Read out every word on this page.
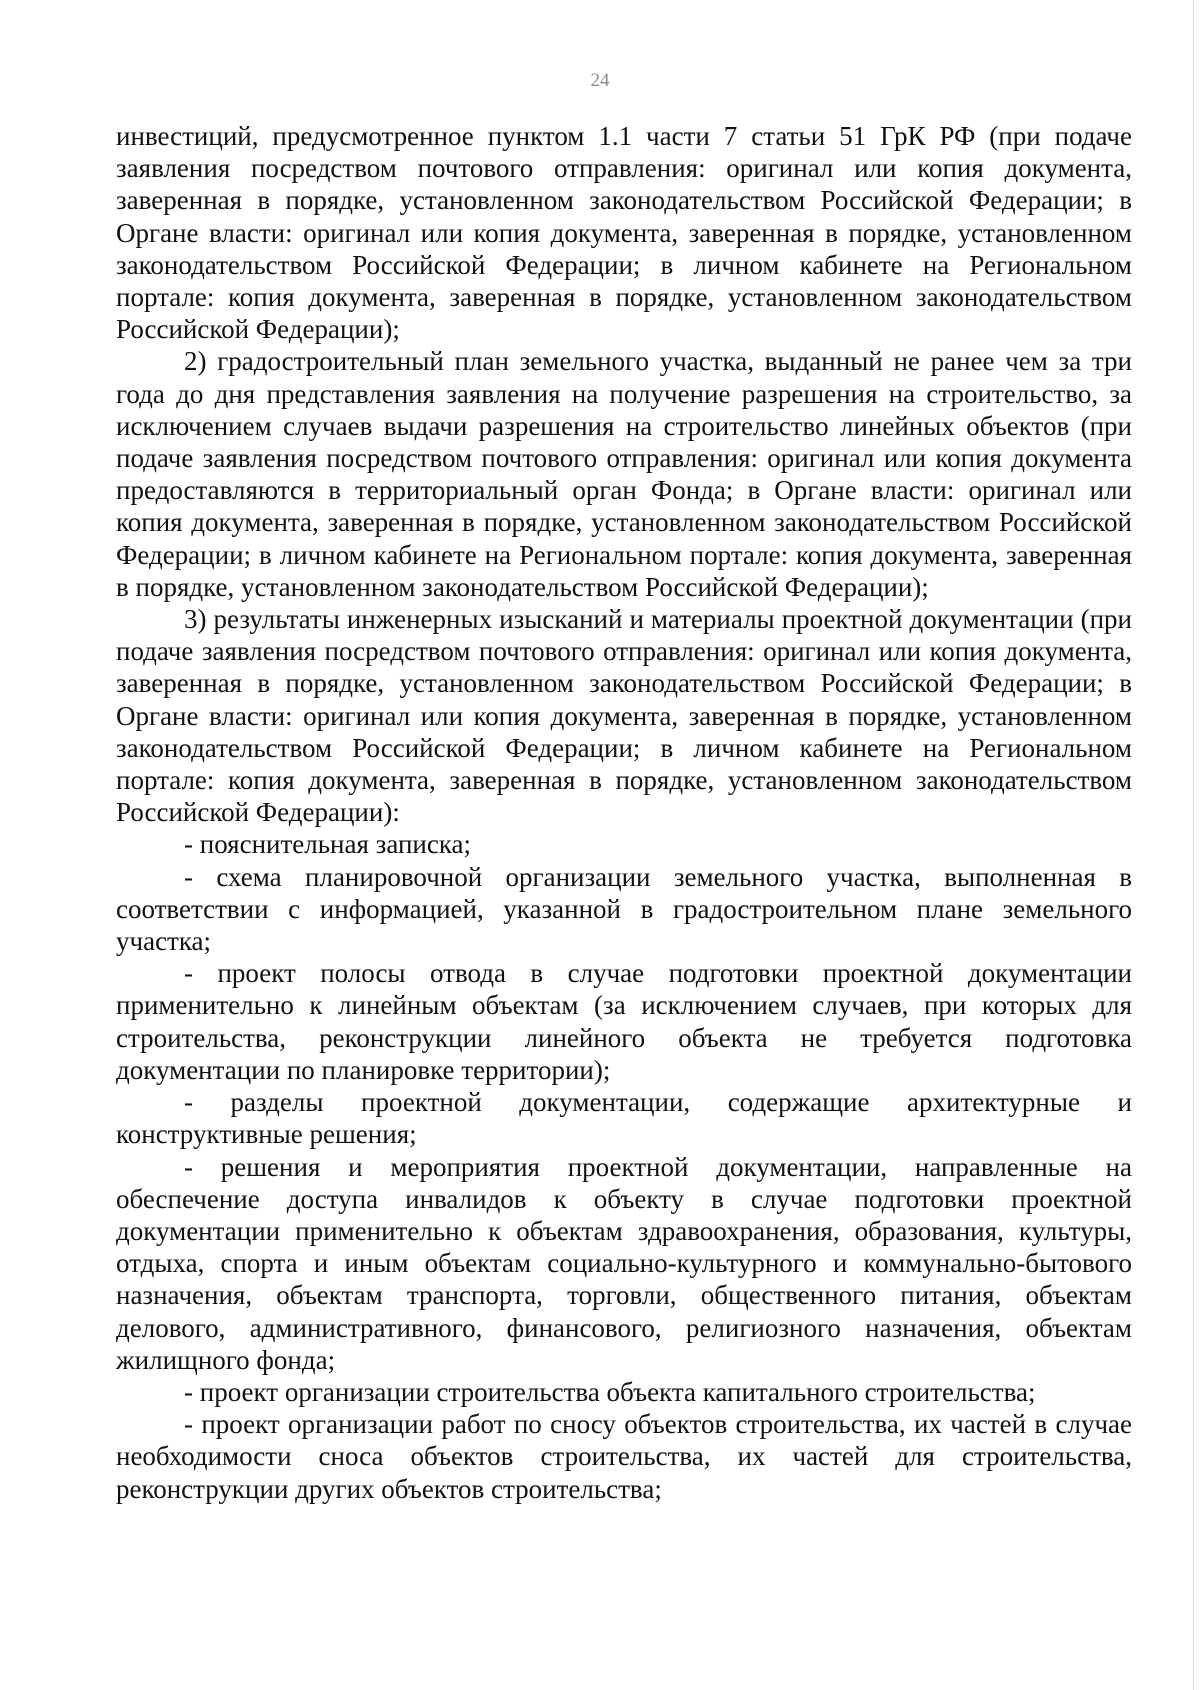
24

инвестиций, предусмотренное пунктом 1.1 части 7 статьи 51 ГрК РФ (при подаче заявления посредством почтового отправления: оригинал или копия документа, заверенная в порядке, установленном законодательством Российской Федерации; в Органе власти: оригинал или копия документа, заверенная в порядке, установленном законодательством Российской Федерации; в личном кабинете на Региональном портале: копия документа, заверенная в порядке, установленном законодательством Российской Федерации);

2) градостроительный план земельного участка, выданный не ранее чем за три года до дня представления заявления на получение разрешения на строительство, за исключением случаев выдачи разрешения на строительство линейных объектов (при подаче заявления посредством почтового отправления: оригинал или копия документа предоставляются в территориальный орган Фонда; в Органе власти: оригинал или копия документа, заверенная в порядке, установленном законодательством Российской Федерации; в личном кабинете на Региональном портале: копия документа, заверенная в порядке, установленном законодательством Российской Федерации);

3) результаты инженерных изысканий и материалы проектной документации (при подаче заявления посредством почтового отправления: оригинал или копия документа, заверенная в порядке, установленном законодательством Российской Федерации; в Органе власти: оригинал или копия документа, заверенная в порядке, установленном законодательством Российской Федерации; в личном кабинете на Региональном портале: копия документа, заверенная в порядке, установленном законодательством Российской Федерации):

- пояснительная записка;

- схема планировочной организации земельного участка, выполненная в соответствии с информацией, указанной в градостроительном плане земельного участка;

- проект полосы отвода в случае подготовки проектной документации применительно к линейным объектам (за исключением случаев, при которых для строительства, реконструкции линейного объекта не требуется подготовка документации по планировке территории);

- разделы проектной документации, содержащие архитектурные и конструктивные решения;

- решения и мероприятия проектной документации, направленные на обеспечение доступа инвалидов к объекту в случае подготовки проектной документации применительно к объектам здравоохранения, образования, культуры, отдыха, спорта и иным объектам социально-культурного и коммунально-бытового назначения, объектам транспорта, торговли, общественного питания, объектам делового, административного, финансового, религиозного назначения, объектам жилищного фонда;

- проект организации строительства объекта капитального строительства;

- проект организации работ по сносу объектов строительства, их частей в случае необходимости сноса объектов строительства, их частей для строительства, реконструкции других объектов строительства;
